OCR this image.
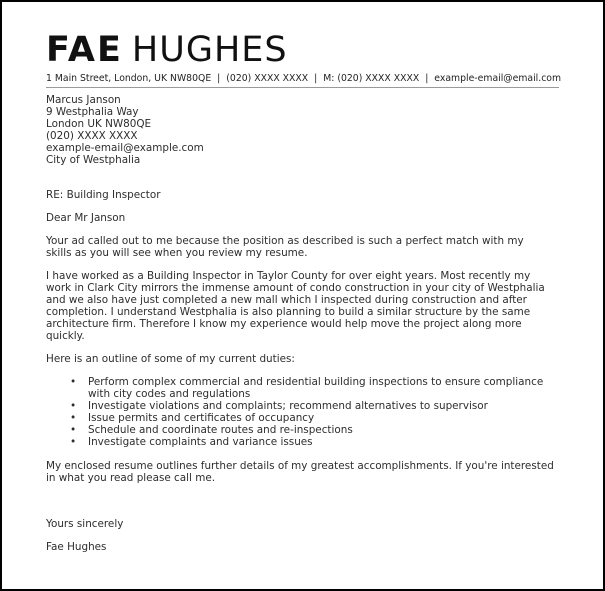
FAE HUGHES
1 Main Street, London, UK NW80QE | (020) XXXX XXXX | M: (020) XXXX XXXX | example-email@email.com
Marcus Janson
9 Westphalia Way
London UK NW80QE
(020) XXXX XXXX
example-email@example.com
City of Westphalia
RE: Building Inspector
Dear Mr Janson
Your ad called out to me because the position as described is such a perfect match with my
skills as you will see when you review my resume.
I have worked as a Building Inspector in Taylor County for over eight years. Most recently my
work in Clark City mirrors the immense amount of condo construction in your city of Westphalia
and we also have just completed a new mall which I inspected during construction and after
completion. I understand Westphalia is also planning to build a similar structure by the same
architecture firm. Therefore I know my experience would help move the project along more
quickly.
Here is an outline of some of my current duties:
• Perform complex commercial and residential building inspections to ensure compliance
with city codes and regulations
• Investigate violations and complaints; recommend alternatives to supervisor
• Issue permits and certificates of occupancy
• Schedule and coordinate routes and re-inspections
• Investigate complaints and variance issues
My enclosed resume outlines further details of my greatest accomplishments. If you're interested
in what you read please call me.
Yours sincerely
Fae Hughes
